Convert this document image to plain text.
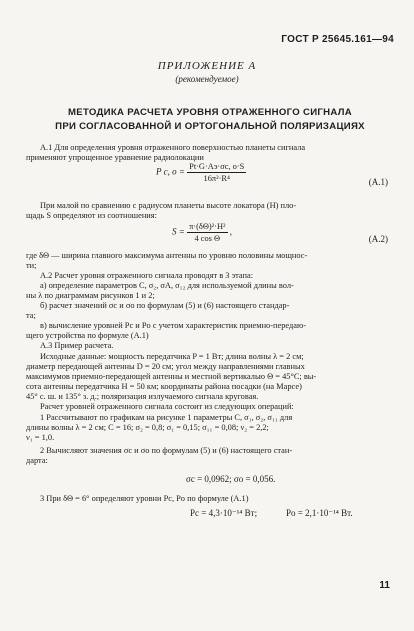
ГОСТ Р 25645.161—94
ПРИЛОЖЕНИЕ А
(рекомендуемое)
МЕТОДИКА РАСЧЕТА УРОВНЯ ОТРАЖЕННОГО СИГНАЛА
ПРИ СОГЛАСОВАННОЙ И ОРТОГОНАЛЬНОЙ ПОЛЯРИЗАЦИЯХ
А.1 Для определения уровня отраженного поверхностью планеты сигнала
применяют упрощенное уравнение радиолокации
P с, $о = \frac{Pt\cdot G\cdot Aэ\cdot\sigma с, о\cdot S}{\text{16π²·R⁴}}$	(А.1)
При малой по сравнению с радиусом планеты высоте локатора (H) пло-
щадь S определяют из соотношения:
$S = \frac{\text{π·(δΘ)²·H²}}{\text{4 cos Θ}}$ ,
(А.2)
где δΘ — ширина главного максимума антенны по уровню половины мощнос-
ти;
А.2 Расчет уровня отраженного сигнала проводят в 3 этапа:
а) определение параметров С, σ₂, σA, σ₁₂ для используемой длины вол-
ны λ по диаграммам рисунков 1 и 2;
б) расчет значений σс и σо по формулам (5) и (6) настоящего стандар-
та;
в) вычисление уровней Pс и Pо с учетом характеристик приемно-передаю-
щего устройства по формуле (А.1)
А.3 Пример расчета.
Исходные данные: мощность передатчика P = 1 Вт; длина волны λ = 2 см;
диаметр передающей антенны D = 20 см; угол между направлениями главных
максимумов приемно-передающей антенны и местной вертикалью Θ = 45°С; вы-
сота антенны передатчика H = 50 км; координаты района посадки (на Марсе)
45° с. ш. и 135° з. д.; поляризация излучаемого сигнала круговая.
Расчет уровней отраженного сигнала состоит из следующих операций:
1 Рассчитывают по графикам на рисунке 1 параметры C, σ₁, σ₂, σ₁₁ для
длины волны λ = 2 см; C = 16; σ₂ = 0,8; σ₁ = 0,15; σ₁₁ = 0,08; ν₂ = 2,2;
ν₁ = 1,0.
2 Вычисляют значения σс и σо по формулам (5) и (6) настоящего стан-
дарта:
σс = 0,0962; σо = 0,056.
3 При δΘ = 6° определяют уровни Pс, Pо по формуле (А.1)
Pс = 4,3·10⁻¹⁴ Вт;	Pо = 2,1·10⁻¹⁴ Вт.
11
